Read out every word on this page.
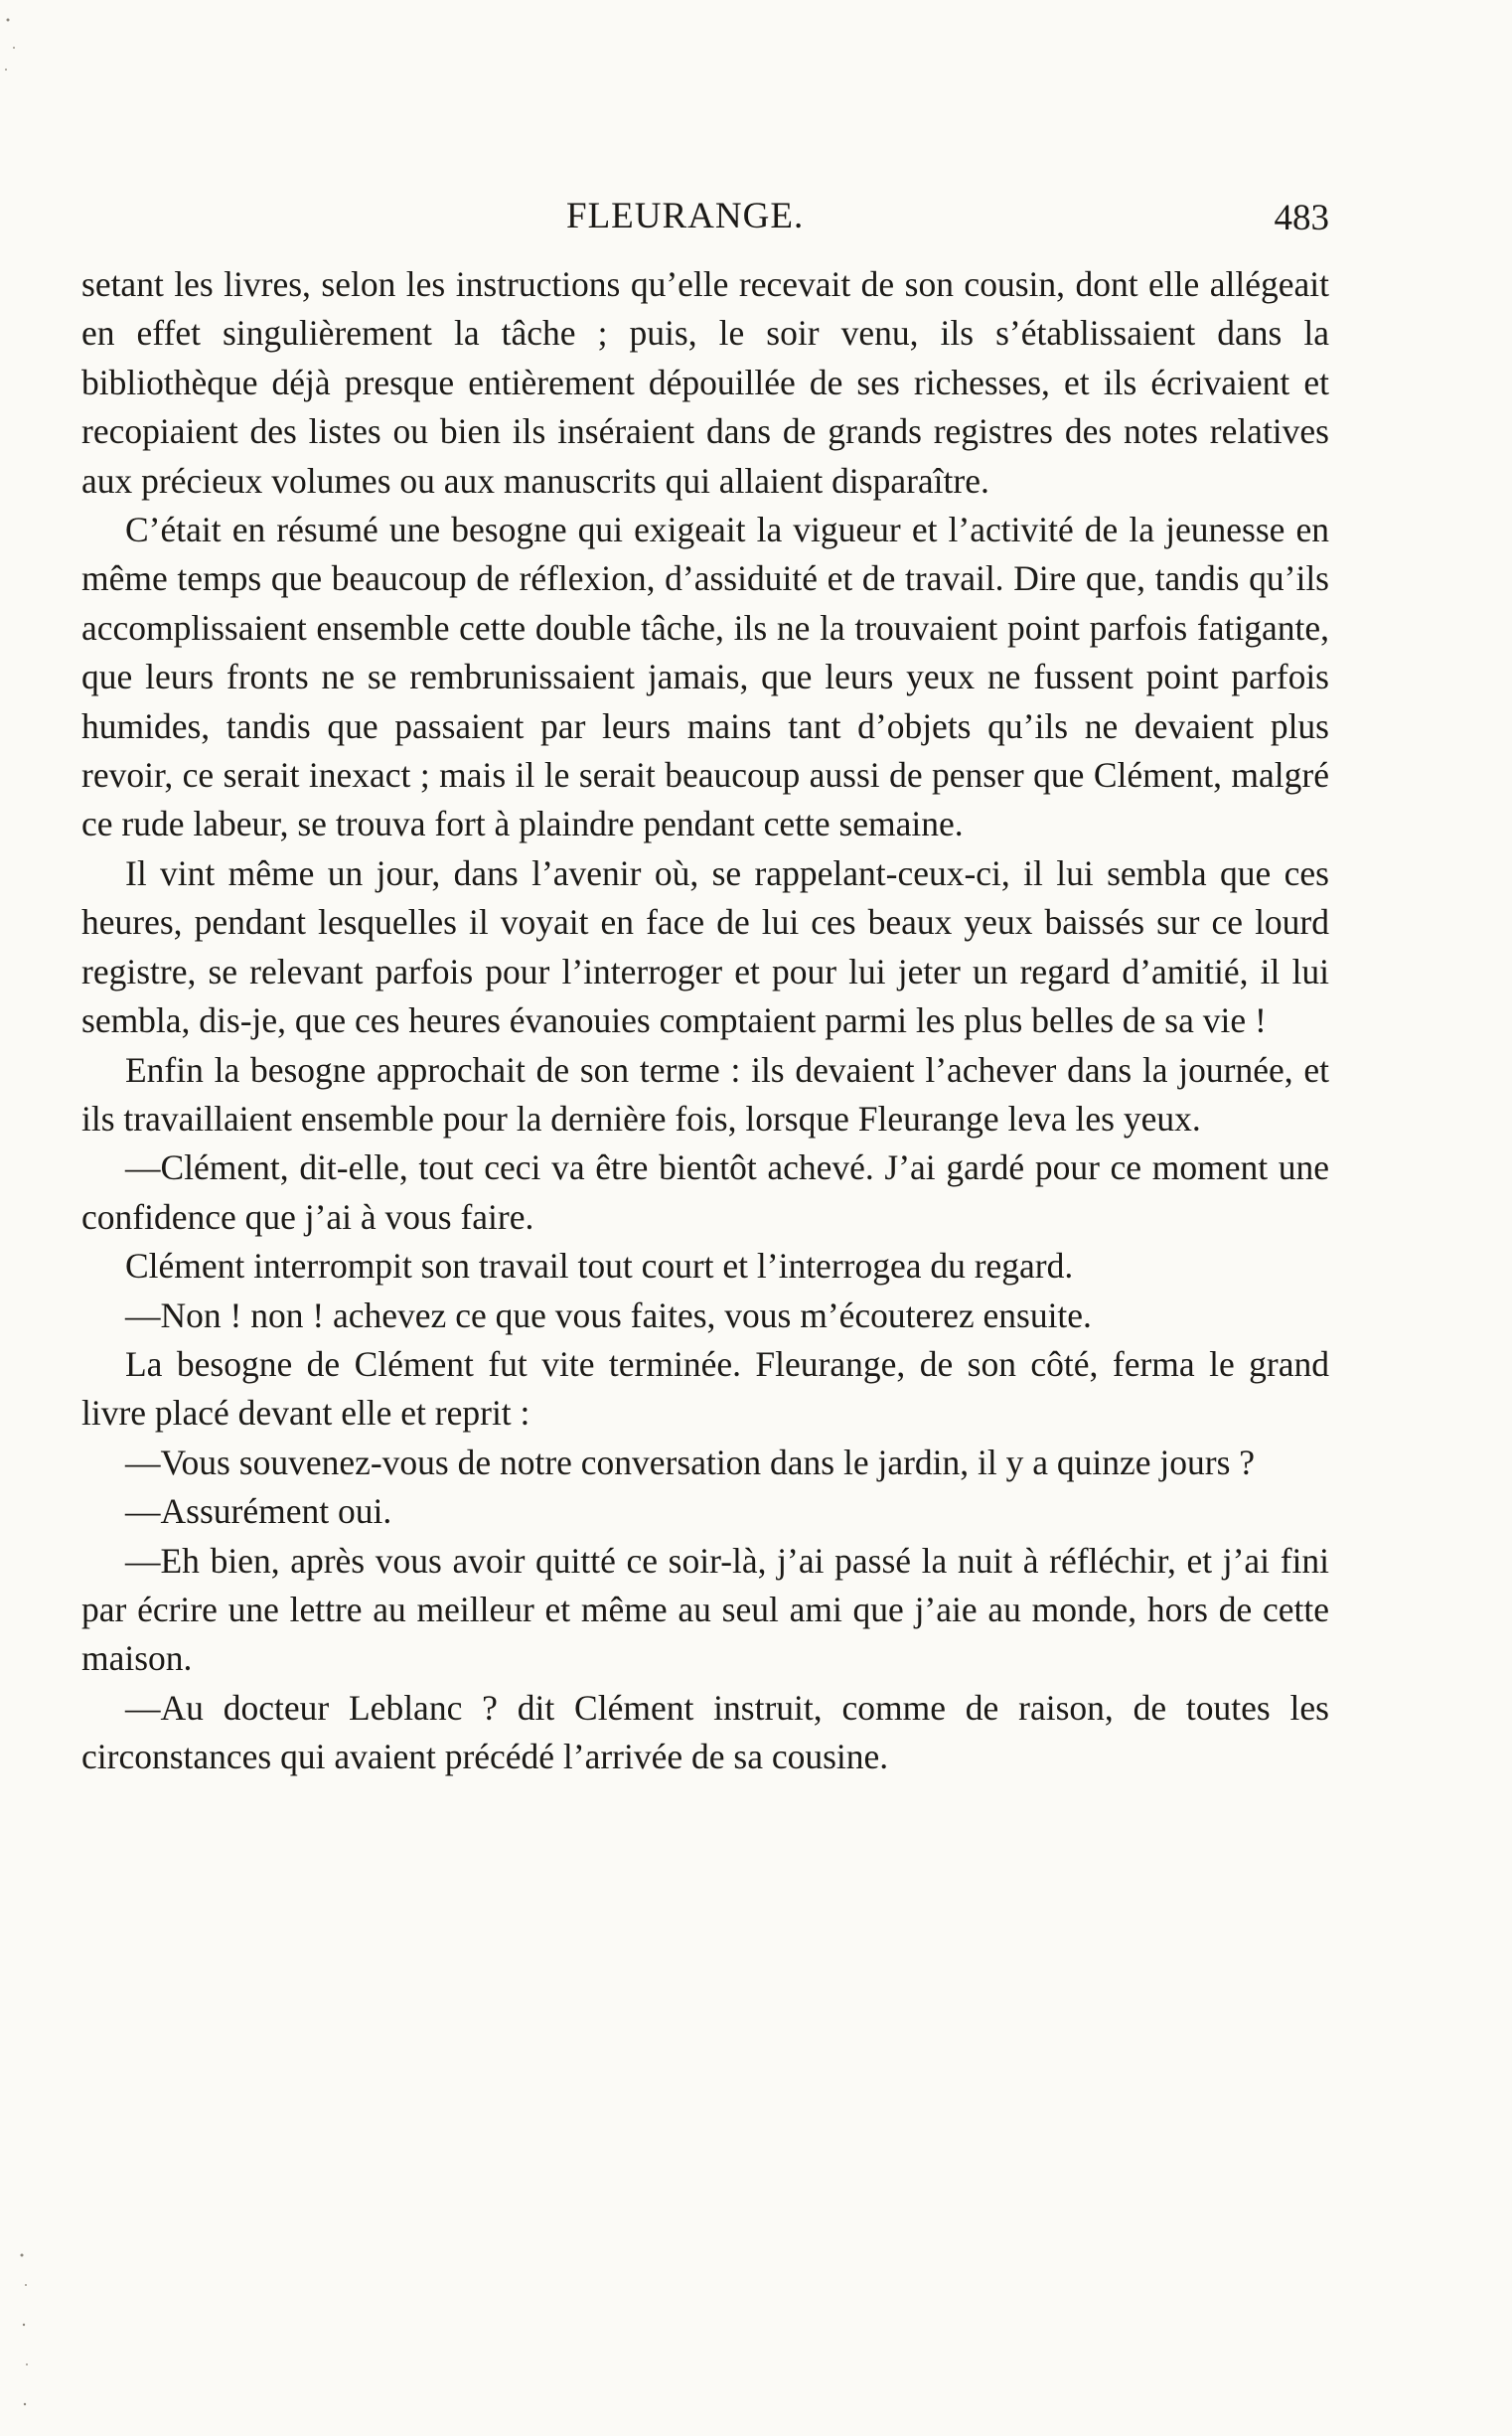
FLEURANGE.	483

setant les livres, selon les instructions qu’elle recevait de son cousin, dont elle allégeait en effet singulièrement la tâche ; puis, le soir venu, ils s’établissaient dans la bibliothèque déjà presque entièrement dépouillée de ses richesses, et ils écrivaient et recopiaient des listes ou bien ils inséraient dans de grands registres des notes relatives aux précieux volumes ou aux manuscrits qui allaient disparaître.

C’était en résumé une besogne qui exigeait la vigueur et l’activité de la jeunesse en même temps que beaucoup de réflexion, d’assiduité et de travail. Dire que, tandis qu’ils accomplissaient ensemble cette double tâche, ils ne la trouvaient point parfois fatigante, que leurs fronts ne se rembrunissaient jamais, que leurs yeux ne fussent point parfois humides, tandis que passaient par leurs mains tant d’objets qu’ils ne devaient plus revoir, ce serait inexact ; mais il le serait beaucoup aussi de penser que Clément, malgré ce rude labeur, se trouva fort à plaindre pendant cette semaine.

Il vint même un jour, dans l’avenir où, se rappelant-ceux-ci, il lui sembla que ces heures, pendant lesquelles il voyait en face de lui ces beaux yeux baissés sur ce lourd registre, se relevant parfois pour l’interroger et pour lui jeter un regard d’amitié, il lui sembla, dis-je, que ces heures évanouies comptaient parmi les plus belles de sa vie !

Enfin la besogne approchait de son terme : ils devaient l’achever dans la journée, et ils travaillaient ensemble pour la dernière fois, lorsque Fleurange leva les yeux.

—Clément, dit-elle, tout ceci va être bientôt achevé. J’ai gardé pour ce moment une confidence que j’ai à vous faire.

Clément interrompit son travail tout court et l’interrogea du regard.

—Non ! non ! achevez ce que vous faites, vous m’écouterez ensuite.

La besogne de Clément fut vite terminée. Fleurange, de son côté, ferma le grand livre placé devant elle et reprit :

—Vous souvenez-vous de notre conversation dans le jardin, il y a quinze jours ?

—Assurément oui.

—Eh bien, après vous avoir quitté ce soir-là, j’ai passé la nuit à réfléchir, et j’ai fini par écrire une lettre au meilleur et même au seul ami que j’aie au monde, hors de cette maison.

—Au docteur Leblanc ? dit Clément instruit, comme de raison, de toutes les circonstances qui avaient précédé l’arrivée de sa cousine.
